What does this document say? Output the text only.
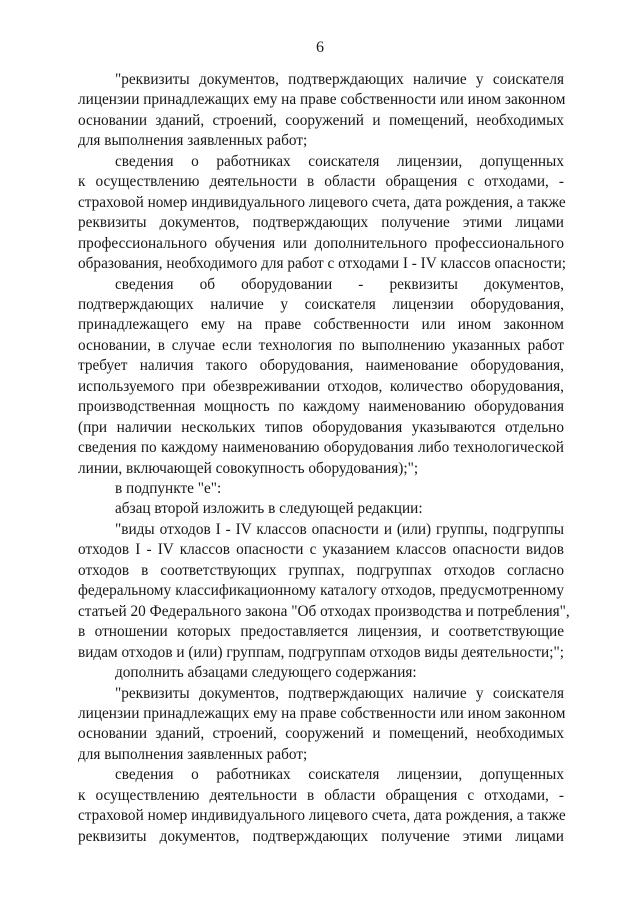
6
"реквизиты документов, подтверждающих наличие у соискателя
лицензии принадлежащих ему на праве собственности или ином законном
основании зданий, строений, сооружений и помещений, необходимых
для выполнения заявленных работ;
сведения о работниках соискателя лицензии, допущенных
к осуществлению деятельности в области обращения с отходами, -
страховой номер индивидуального лицевого счета, дата рождения, а также
реквизиты документов, подтверждающих получение этими лицами
профессионального обучения или дополнительного профессионального
образования, необходимого для работ с отходами I - IV классов опасности;
сведения об оборудовании - реквизиты документов,
подтверждающих наличие у соискателя лицензии оборудования,
принадлежащего ему на праве собственности или ином законном
основании, в случае если технология по выполнению указанных работ
требует наличия такого оборудования, наименование оборудования,
используемого при обезвреживании отходов, количество оборудования,
производственная мощность по каждому наименованию оборудования
(при наличии нескольких типов оборудования указываются отдельно
сведения по каждому наименованию оборудования либо технологической
линии, включающей совокупность оборудования);";
в подпункте "е":
абзац второй изложить в следующей редакции:
"виды отходов I - IV классов опасности и (или) группы, подгруппы
отходов I - IV классов опасности с указанием классов опасности видов
отходов в соответствующих группах, подгруппах отходов согласно
федеральному классификационному каталогу отходов, предусмотренному
статьей 20 Федерального закона "Об отходах производства и потребления",
в отношении которых предоставляется лицензия, и соответствующие
видам отходов и (или) группам, подгруппам отходов виды деятельности;";
дополнить абзацами следующего содержания:
"реквизиты документов, подтверждающих наличие у соискателя
лицензии принадлежащих ему на праве собственности или ином законном
основании зданий, строений, сооружений и помещений, необходимых
для выполнения заявленных работ;
сведения о работниках соискателя лицензии, допущенных
к осуществлению деятельности в области обращения с отходами, -
страховой номер индивидуального лицевого счета, дата рождения, а также
реквизиты документов, подтверждающих получение этими лицами
